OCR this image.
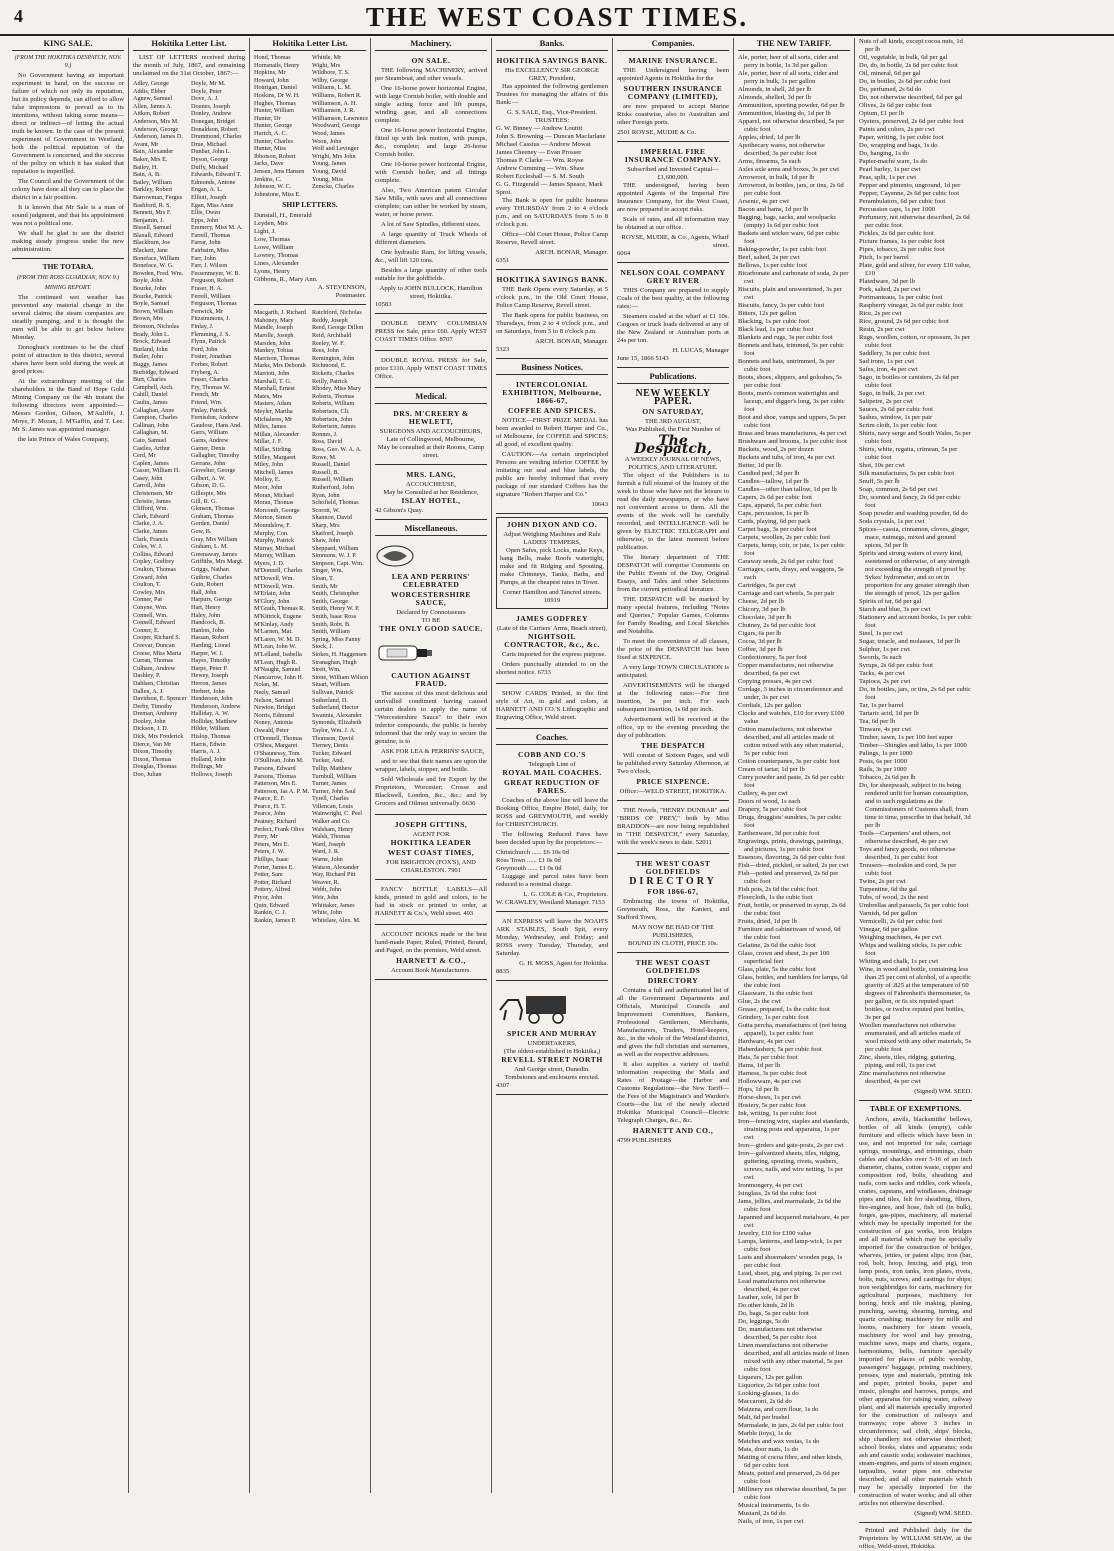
4	THE WEST COAST TIMES.
KING SALE.
(FROM THE HOKITIKA DESPATCH, NOV. 9.)

No Government having an important experiment in hand, on the success or failure of which not only its reputation, but its policy depends, can afford to allow false impressions to prevail as to its intentions, without taking some means—direct or indirect—of letting the actual truth be known. In the case of the present experiment of Government in Westland, both the political reputation of the Government is concerned, and the success of the policy on which it has staked that reputation is imperilled.

The Council and the Government of the colony have done all they can to place the district in a fair position.

It is known that Mr Sale is a man of sound judgment, and that his appointment was not a political one.

We shall be glad to see the district making steady progress under the new administration.

THE TOTARA.
(FROM THE ROSS GUARDIAN, NOV. 9.)
MINING REPORT.

The continued wet weather has prevented any material change in the several claims; the steam companies are steadily pumping, and it is thought the men will be able to get below before Monday.

Donoghue's continues to be the chief point of attraction in this district, several shares have been sold during the week at good prices.

At the extraordinary meeting of the shareholders in the Band of Hope Gold Mining Company on the 4th instant the following directors were appointed:—Messrs Gordon, Gibson, M'Auliffe, J. Moye, F. Moran, J. M'Gaffin, and T. Lee. Mr S. James was appointed manager.

the late Prince of Wales Company,

Hokitika Letter List.

LIST OF LETTERS received during the month of July, 1867, and remaining unclaimed on the 31st October, 1867:—

Adley, George
Addis, Ebber
Agnew, Samuel
Allen, James A.
Aitken, Robert
Anderson, Mrs M.
Anderson, George
Anderson, James D.
Avant, Mr
Bain, Alexander
Baker, Mrs E.
Bailey, H.
Bain, A. B.
Bailey, William
Barkley, Robert
Barrowman, Fergus
Bashford, R. S.
Bennett, Mrs F.
Benjamin, J.
Bissell, Samuel
Blaxall, Edward
Blackburn, Joe
Blackett, Jane
Boneface, William
Boneface, W. G.
Bowden, Fred. Wm.
Boyle, John
Bourke, John
Bourke, Patrick
Boyle, Samuel
Brown, William
Brown, Mrs
Bronson, Nicholas
Brady, John L.
Brock, Edward
Burland, John
Butler, John
Buggy, James
Burbidge, Edward
Burt, Charles
Campbell, Arch.
Cahill, Daniel
Caulin, James
Callaghan, Anne
Campion, Charles
Callinan, John
Callaghan, M.
Cato, Samuel
Castles, Arthur
Cerd, Mr
Caplen, James
Casser, William H.
Casey, John
Carroll, John
Christensen, Mr
Christie, James
Clifford, Wm.
Clark, Edward
Clarke, J. A.
Clarke, James
Clark, Francis
Coles, W. J.
Collins, Edward
Copley, Godfrey
Coulton, Thomas
Coward, John
Coulton, T.
Cowley, Mrs
Conner, Pat
Conyne, Wm.
Connell, Wm.
Connell, Edward
Conner, E.
Cooper, Richard S.
Creevar, Duncan
Creese, Miss Maria
Curran, Thomas
Culham, Andrew
Dashley, P.
Dahlsen, Christian
Dallen, A. J.
Davidson, E. Spencer
Derby, Timothy
Dreman, Anthony
Dooley, John
Dickson, J. D.
Dick, Mrs Frederick
Dierce, Van Mr
Dixon, Timothy
Dixon, Thomas
Douglas, Thomas
Doo, Julian
Doyle, Mr M.
Doyle, Peter
Dove, A. J.
Dounes, Joseph
Donley, Andrew
Donegan, Bridget
Donaldson, Robert
Drummond, Charles
Drue, Michael
Dunbar, John L.
Dyson, George
Duffy, Michael
Edwards, Edward T.
Edmonds, Antone
Engan, A. L.
Elliott, Joseph
Egan, Miss Anne
Ellis, Owen
Epps, John
Emmery, Miss M. A.
Farrell, Thomas
Farrar, John
Fairbairn, Miss
Farr, John
Farr, J. Wilson
Fessenmeyer, W. B.
Ferguson, Robert
Fraser, H. A.
Ferrell, William
Ferguson, Thomas
Fenwick, Mr
Fitzsimmons, J.
Finlay, J.
Flemming, J. S.
Flynn, Patrick
Ford, John
Foster, Jonathan
Forbes, Robert
Fryberg, A.
Fraser, Charles
Fry, Thomas W.
French, Mr
Friend, Wm.
Finlay, Patrick
Fernisdon, Andrew
Gaudose, Hans And.
Garrs, William
Garns, Andrew
Garner, Denis
Gallagher, Timothy
Gerrans, John
Giovelier, George
Gilbert, A. W.
Gibson, D. G.
Gillespie, Mrs
Gill, R. G.
Glenson, Thomas
Graham, Thomas
Gorden, Daniel
Gow, B.
Gray, Mrs William
Graham, L. M.
Greenaway, James
Griffiths, Mrs Margt.
Griggs, Nathan
Guthrie, Charles
Guin, Robert
Hall, John
Harpurs, George
Hart, Henry
Haley, John
Handcock, B.
Hanlon, John
Hassan, Robert
Harding, Lionel
Harper, W. J.
Hayes, Timothy
Harpe, Peter P.
Hewey, Joseph
Herron, James
Herbert, John
Henderson, John
Henderson, Andrew
Halliday, A. W.
Holliday, Matthew
Hilder, William
Hislop, Thomas
Harris, Edwin
Harris, A. J.
Holland, John
Hollings, Mr
Hollows, Joseph
Hokitika Letter List.
Hond, Thomas
Hornsnails, Henry
Hopkins, Mr
Howard, John
Hourigan, Daniel
Hoskins, Dr W. H.
Hughes, Thomas
Hunter, William
Hunter, Dr
Hunter, George
Hurtch, A. C.
Hunter, Charles
Hunter, Miss
Ibbotson, Robert
Jacks, Dave
Jensen, Jens Hansen
Jenkins, C.
Johnson, W. C.
Johnstone, Miss E.
Whittle, Mr
Wight, Mrs
Wildbore, T. S.
Wilby, George
Williams, L. M.
Williams, Robert R.
Williamson, A. H.
Williamson, J. R.
Williamson, Lawrence
Woodward, George
Wood, James
Woon, John
Wolf and Levinger
Wright, Mrs John
Young, James
Young, David
Young, Miss
Zemcke, Charles
SHIP LETTERS.
Dunstall, H., Emerald
Leyden, Mrs
Light, J.
Low, Thomas
Lowe, William
Lowrey, Thomas
Lines, Alexander
Lyons, Henry
Gibbons, R., Mary Ann.
A. STEVENSON,
Postmaster.
Macgarth, J. Richard
Mahoney, Mary
Mandle, Joseph
Marolle, Joseph
Marsden, John
Mankey, Tobias
Marrison, Thomas
Marks, Mrs Deborah
Marriott, John
Marshall, T. G.
Marshall, Ernest
Mates, Mrs
Masters, Adam
Meyler, Martha
Michaleres, Mr
Miles, James
Millan, Alexander
Millar, J. F.
Millar, Stirling
Milley, Margaret
Miley, John
Mitchell, James
Molloy, E.
Moor, John
Moran, Michael
Moran, Thomas
Morcomb, George
Morton, Simon
Moundslow, F.
Murphy, Con.
Murphy, Patrick
Murray, Michael
Murray, William
Myers, J. D.
M'Donnell, Charles
M'Dowell, Wm.
M'Dowell, Wm.
M'Erlain, John
M'Glory, John
M'Grath, Thomas R.
M'Kittrick, Eugene
M'Kinlay, Andy
M'Larnen, Mat.
M'Laren, W. M. D.
M'Lean, John W.
M'Lelland, Isabella
M'Lean, Hugh R.
M'Naught, Samuel
Nancarrow, John H.
Nolan, M.
Neely, Samuel
Nelson, Samuel
Newton, Bridget
Norris, Edmund
Noney, Antonia
Oswald, Peter
O'Donnell, Thomas
O'Shea, Margaret
O'Shaunessy, Tom
O'Sullivan, John M.
Parsons, Edward
Parsons, Thomas
Patterson, Mrs E.
Patterson, Jas A. P. M.
Pearce, E. F.
Pearce, H. T.
Pearce, John
Peatney, Richard
Perfect, Frank Olive
Perry, Mr
Peters, Mrs E.
Peters, J. W.
Phillips, Isaac
Porter, James E.
Potter, Sam
Potter, Richard
Pottery, Alfred
Pryor, John
Quin, Edward
Rankin, C. J.
Rankin, James P.
Ratchford, Nicholas
Reddy, Joseph
Reed, George Dillon
Reid, Archibald
Reeley, W. F.
Rees, John
Remington, John
Richmond, E.
Ricketts, Charles
Reilly, Patrick
Rhodey, Miss Mary
Roberts, Thomas
Roberts, William
Robertson, Cli.
Robertson, John
Robertson, James
Ronnes, J.
Ross, David
Ross, Geo. W. A. A.
Rowe, M.
Russell, Daniel
Russell, B.
Russell, William
Rutherford, John
Ryan, John
Schofield, Thomas
Scorott, W.
Shannon, David
Sharp, Mrs
Shatford, Joseph
Shaw, John
Sheppard, William
Simmons, W. J. P.
Simpson, Capt. Wm.
Singer, Wm.
Sloan, T.
Smith, Mr
Smith, Christopher
Smith, George
Smith, Henry W. P.
Smith, Isaac Ross
Smith, Robt. B.
Smith, William
Spring, Miss Fanny
Stock, J.
Stokes, H. Haggensen
Stranaghan, Hugh
Strett, Wm.
Stone, William Wilson
Stuart, William
Sullivan, Patrick
Sutherland, D.
Sutherland, Hector
Swannie, Alexander
Symonds, Elizabeth
Taylor, Wm. J. A.
Thomson, David
Tierney, Denis
Tucker, Edward
Tucker, And.
Tullip, Matthew
Turnbull, William
Turner, James
Turner, John Saul
Tyrell, Charles
Villencan, Louis
Wainwright, C. Peel
Walker and Co.
Walsham, Henry
Walsh, Thomas
Ward, Joseph
Ward, J. R.
Warne, John
Watson, Alexander
Way, Richard Pitt
Weaver, R.
Webb, John
Weir, John
Whittaker, James
White, John
Whitelaw, Alex. M.
Machinery.
ON SALE.

THE following MACHINERY, arrived per Steamboat, and other vessels.

One 16-horse power horizontal Engine, with large Cornish boiler, with double and single acting force and lift pumps, winding gear, and all connections complete.

One 16-horse power horizontal Engine, fitted up with link motion, with pumps, &c., complete; and large 26-horse Cornish boiler.

One 10-horse power horizontal Engine, with Cornish boiler, and all fittings complete.

Also, Two American patent Circular Saw Mills, with saws and all connections complete; can either be worked by steam, water, or horse power.

A lot of Saw Spindles, different sizes.

A large quantity of Truck Wheels of different diameters.

One hydraulic Ram, for lifting vessels, &c., will lift 120 tons.

Besides a large quantity of other tools suitable for the goldfields.

Apply to JOHN BULLOCK, Hamilton street, Hokitika.
10583

DOUBLE DEMY COLUMBIAN PRESS for Sale, price £60. Apply WEST COAST TIMES Office. 8707

DOUBLE ROYAL PRESS for Sale, price £110. Apply WEST COAST TIMES Office.

Medical.
DRS. M'CREERY & HEWLETT,
SURGEONS AND ACCOUCHEURS,
Late of Collingwood, Melbourne,
May be consulted at their Rooms, Camp street.
MRS. LANG,
ACCOUCHEUSE,
May be Consulted at her Residence,
ISLAY HOTEL,
42 Gibson's Quay.
Miscellaneous.
LEA AND PERRINS' CELEBRATED
WORCESTERSHIRE SAUCE,
Declared by Connoisseurs
TO BE
THE ONLY GOOD SAUCE.
CAUTION AGAINST FRAUD.

The success of this most delicious and unrivalled condiment having caused certain dealers to apply the name of "Worcestershire Sauce" to their own inferior compounds, the public is hereby informed that the only way to secure the genuine, is to

ASK FOR LEA & PERRINS' SAUCE,

and to see that their names are upon the wrapper, labels, stopper, and bottle.

Sold Wholesale and for Export by the Proprietors, Worcester; Crosse and Blackwell, London, &c., &c.; and by Grocers and Oilmen universally. 6636

JOSEPH GITTINS,
AGENT FOR
HOKITIKA LEADER
WEST COAST TIMES,
FOR BRIGHTON (FOX'S), AND CHARLESTON. 7901

FANCY BOTTLE LABELS—All kinds, printed in gold and colors, to be had in stock or printed to order, at HARNETT & Co.'s, Weld street. 493

ACCOUNT BOOKS made or the best hand-made Paper, Ruled, Printed, Bound, and Paged, on the premises, Weld street.

HARNETT & CO.,
Account Book Manufacturers.
Banks.
HOKITIKA SAVINGS BANK.
His EXCELLENCY SIR GEORGE GREY, President,

Has appointed the following gentlemen Trustees for managing the affairs of this Bank:—

G. S. SALE, Esq., Vice-President.
TRUSTEES:
G. W. Binney — Andrew Louttit
John S. Browning — Duncan Macfarlane
Michael Cassius — Andrew Mowat
James Cheeney — Evan Prosser
Thomas P. Clarke — Wm. Royse
Andrew Cumming — Wm. Shaw
Robert Eccleshall — S. M. South
G. G. Fitzgerald — James Speace, Mark Sprot.

The Bank is open for public business every THURSDAY from 2 to 4 o'clock p.m., and on SATURDAYS from 5 to 8 o'clock p.m.

Office—Old Court House, Police Camp Reserve, Revell street.

ARCH. BONAR, Manager.
6351
HOKITIKA SAVINGS BANK.

THE Bank Opens every Saturday, at 5 o'clock p.m., in the Old Court House, Police Camp Reserve, Revell street.

The Bank opens for public business, on Thursdays, from 2 to 4 o'clock p.m., and on Saturdays, from 5 to 8 o'clock p.m.

ARCH. BONAR, Manager.
5323
Business Notices.
INTERCOLONIAL EXHIBITION, Melbourne, 1866-67,
COFFEE AND SPICES.

NOTICE—FIRST PRIZE MEDAL has been awarded to Robert Harper and Co., of Melbourne, for COFFEE and SPICES; all good, of excellent quality.

CAUTION.—As certain unprincipled Persons are vending inferior COFFEE by imitating our seal and blue labels, the public are hereby informed that every package of our standard Coffees has the signature "Robert Harper and Co."

10643
JOHN DIXON AND CO.
Adjust Weighing Machines and Rule LADIES' TEMPERS,

Open Safes, pick Locks, make Keys, hang Bells, make Roofs watertight, make and fit Ridging and Spouting, make Chimneys, Tanks, Baths, and Pumps, at the cheapest rates in Town.

Corner Hamilton and Tancred streets. 10919
JAMES GODFREY
(Late of the Carriers' Arms, Beach street),
NIGHTSOIL CONTRACTOR, &c., &c.

Carts imported for the express purpose.

Orders punctually attended to on the shortest notice. 6733

SHOW CARDS Printed, in the first style of Art, in gold and colors, at HARNETT AND CO.'S Lithographic and Engraving Office, Weld street.

Coaches.
COBB AND CO.'S
Telegraph Line of
ROYAL MAIL COACHES.
GREAT REDUCTION OF FARES.

Coaches of the above line will leave the Booking Office, Empire Hotel, daily, for ROSS and GREYMOUTH, and weekly for CHRISTCHURCH.

The following Reduced Fares have been decided upon by the proprietors:—

Christchurch ...... £6 10s 0d
Ross Town ...... £1 0s 0d
Greymouth ...... £1 0s 0d

Luggage and parcel rates have been reduced to a nominal charge.

L. G. COLE & Co., Proprietors.
W. CRAWLEY, Westland Manager. 7153

AN EXPRESS will leave the NOAH'S ARK STABLES, South Spit, every Monday, Wednesday, and Friday; and ROSS every Tuesday, Thursday, and Saturday.

G. H. MOSS, Agent for Hokitika.
8835
SPICER AND MURRAY
UNDERTAKERS,
(The oldest-established in Hokitika,)
REVELL STREET NORTH
And George street, Dunedin.
Tombstones and enclosures erected.
4307
Companies.
MARINE INSURANCE.

THE Undersigned having been appointed Agents in Hokitika for the

SOUTHERN INSURANCE COMPANY (LIMITED),

are now prepared to accept Marine Risks coastwise, also to Australian and other Foreign ports.

2501 ROYSE, MUDIE & Co.
IMPERIAL FIRE INSURANCE COMPANY.
Subscribed and Invested Capital—£1,600,000.

THE undersigned, having been appointed Agents of the Imperial Fire Insurance Company, for the West Coast, are now prepared to accept risks.

Scale of rates, and all information may be obtained at our office.

ROYSE, MUDIE, & Co., Agents, Wharf street.
6064
NELSON COAL COMPANY GREY RIVER

THIS Company are prepared to supply Coals of the best quality, at the following rates:—

Steamers coaled at the wharf at £1 10s. Cargoes or truck loads delivered at any of the New Zealand or Australian ports at 24s per ton.

H. LUCAS, Manager
June 15, 1866 5143
Publications.
NEW WEEKLY PAPER.
ON SATURDAY,
THE 3RD AUGUST,
Was Published, the First Number of
The Despatch,
A WEEKLY JOURNAL OF NEWS, POLITICS, AND LITERATURE.

The object of the Publishers is to furnish a full résumé of the history of the week to those who have not the leisure to read the daily newspapers, or who have not convenient access to them. All the events of the week will be carefully recorded, and INTELLIGENCE will be given by ELECTRIC TELEGRAPH and otherwise, to the latest moment before publication.

The literary department of THE DESPATCH will comprise Comments on the Public Events of the Day, Original Essays, and Tales and other Selections from the current periodical literature.

THE DESPATCH will be marked by many special features, including "Notes and Queries," Popular Games, Columns for Family Reading, and Local Sketches and Notabilia.

To meet the convenience of all classes, the price of the DESPATCH has been fixed at SIXPENCE.

A very large TOWN CIRCULATION is anticipated.

ADVERTISEMENTS will be charged at the following rates:—For first insertion, 3s per inch. For each subsequent insertion, 1s 6d per inch.

Advertisement will be received at the office, up to the evening preceding the day of publication.

THE DESPATCH

Will consist of Sixteen Pages, and will be published every Saturday Afternoon, at Two o'clock,

PRICE SIXPENCE.
Office:—WELD STREET, HOKITIKA.

THE Novels, "HENRY DUNBAR" and "BIRDS OF PREY," both by Miss BRADDON—are now being republished in "THE DESPATCH," every Saturday, with the week's news to date. 52011

THE WEST COAST GOLDFIELDS
DIRECTORY
FOR 1866-67,

Embracing the towns of Hokitika, Greymouth, Ross, the Kanieri, and Stafford Town,

MAY NOW BE HAD OF THE PUBLISHERS,
BOUND IN CLOTH, PRICE 10s.
THE WEST COAST GOLDFIELDS
DIRECTORY

Contains a full and authenticated list of all the Government Departments and Officials, Municipal Councils and Improvement Committees, Bankers, Professional Gentlemen, Merchants, Manufacturers, Traders, Hotel-keepers, &c., in the whole of the Westland district, and gives the full christian and surnames, as well as the respective addresses.

It also supplies a variety of useful information respecting the Mails and Rates of Postage—the Harbor and Customs Regulations—the New Tariff—the Fees of the Magistrate's and Warden's Courts—the list of the newly elected Hokitika Municipal Council—Electric Telegraph Charges, &c., &c.

HARNETT AND CO.,
4799 PUBLISHERS
THE NEW TARIFF.
Ale, porter, beer of all sorts, cider and perry in bottle, 1s 3d per gallon
Ale, porter, beer of all sorts, cider and perry in bulk, 1s per gallon
Almonds, in shell, 2d per lb
Almonds, shelled, 3d per lb
Ammunition, sporting powder, 6d per lb
Ammunition, blasting do, 1d per lb
Apparel, not otherwise described, 5s per cubic foot
Apples, dried, 1d per lb
Apothecary wares, not otherwise described, 3s per cubic foot
Arms, firearms, 5s each
Axles axle arms and boxes, 3s per cwt
Arrowroot, in bulk, 1d per lb
Arrowroot, in bottles, jars, or tins, 2s 6d per cubic foot
Arsenic, 4s per cwt
Bacon and hams, 1d per lb
Bagging, bags, sacks, and woolpacks (empty) 1s 6d per cubic foot
Baskets and wicker ware, 6d per cubic foot
Baking-powder, 1s per cubic foot
Beef, salted, 2s per cwt
Bellows, 1s per cubic foot
Bicarbonate and carbonate of soda, 2s per cwt
Biscuits, plain and unsweetened, 3s per cwt
Biscuits, fancy, 3s per cubic foot
Bitters, 12s per gallon
Blacking, 1s per cubic foot
Black lead, 1s per cubic foot
Blankets and rugs, 3s per cubic foot
Bonnets and hats, trimmed, 5s per cubic foot
Bonnets and hats, untrimmed, 3s per cubic foot
Boots, shoes, slippers, and goloshes, 5s per cubic foot
Boots, men's common watertights and laceup, and digger's long, 3s per cubic foot
Boot and shoe, vamps and uppers, 5s per cubic foot
Brass and brass manufactures, 4s per cwt
Brushware and brooms, 1s per cubic foot
Buckets, wood, 2s per dozen
Buckets and tubs, of iron, 4s per cwt
Butter, 1d per lb
Candied peel, 3d per lb
Candles—tallow, 1d per lb
Candles—other than tallow, 1d per lb
Capers, 2s 6d per cubic foot
Caps, apparel, 5s per cubic foot
Caps, percussion, 1s per lb
Cards, playing, 6d per pack
Carpet bags, 3s per cubic foot
Carpets, woollen, 2s per cubic foot
Carpets, hemp, coir, or jute, 1s per cubic foot
Caraway seeds, 2s 6d per cubic foot
Carriages, carts, drays, and waggons, 5s each
Cartridges, 5s per cwt
Carriage and cart wheels, 5s per pair
Cheese, 2d per lb
Chicory, 3d per lb
Chocolate, 3d per lb
Chutney, 2s 6d per cubic foot
Cigars, 6s per lb
Cocoa, 3d per lb
Coffee, 3d per lb
Confectionery, 5s per foot
Copper manufactures, not otherwise described, 6s per cwt
Copying presses, 4s per cwt
Cordage, 3 inches in circumference and under, 3s per cwt
Cordials, 12s per gallon
Clocks and watches, £10 for every £100 value
Cotton manufactures, not otherwise described, and all articles made of cotton mixed with any other material, 5s per cubic foot
Cotton counterpanes, 3s per cubic foot
Cream of tartar, 1d per lb
Curry powder and paste, 2s 6d per cubic foot
Cutlery, 4s per cwt
Doors of wood, 1s each
Drapery, 5s per cubic foot
Drugs, druggists' sundries, 3s per cubic foot
Earthenware, 3d per cubic foot
Engravings, prints, drawings, paintings, and pictures, 1s per cubic foot
Essences, flavoring, 2s 6d per cubic foot
Fish—dried, pickled, or salted, 2s per cwt
Fish—potted and preserved, 2s 6d per cubic foot
Fish pots, 2s 6d the cubic foot
Floorcloth, 1s the cubic foot
Fruit, bottle, or preserved in syrup, 2s 6d the cubic foot
Fruits, dried, 1d per lb
Furniture and cabinetware of wood, 6d the cubic foot
Gelatine, 2s 6d the cubic foot
Glass, crown and sheet, 2s per 100 superficial feet
Glass, plate, 5s the cubic foot
Glass, bottles, and tumblers for lamps, 6d the cubic foot
Glassware, 1s the cubic foot
Glue, 2s the cwt
Grease, prepared, 1s the cubic foot
Grindery, 1s per cubic foot
Gutta percha, manufactures of (not being apparel), 1s per cubic foot
Hardware, 4s per cwt
Haberdashery, 5s per cubic foot
Hats, 5s per cubic foot
Hams, 1d per lb
Harness, 3s per cubic foot
Hollowware, 4s per cwt
Hops, 1d per lb
Horse-shoes, 1s per cwt
Hosiery, 5s per cubic foot
Ink, writing, 1s per cubic foot
Iron—fencing wire, staples and standards, straining posts and apparatus, 1s per cwt
Iron—girders and gate-posts, 2s per cwt
Iron—galvanized sheets, tiles, ridging, guttering, spouting, rivets, washers, screws, nails, and wire netting, 1s per cwt
Ironmongery, 4s per cwt
Isinglass, 2s 6d the cubic foot
Jams, jellies, and marmalade, 2s 6d the cubic foot
Japanned and lacquered metalware, 4s per cwt
Jewelry, £10 for £100 value
Lamps, lanterns, and lamp-wick, 1s per cubic foot
Lasts and shoemakers' wooden pegs, 1s per cubic foot
Lead, sheet, pig, and piping, 1s per cwt
Lead manufactures not otherwise described, 4s per cwt
Leather, sole, 1d per lb
Do other kinds, 2d lb
Do, bags, 5s per cubic foot
Do, leggings, 5s do
Do, manufactures not otherwise described, 5s per cubic foot
Linen manufactures not otherwise described, and all articles made of linen mixed with any other material, 5s per cubic foot
Liqueurs, 12s per gallon
Liquorice, 2s 6d per cubic foot
Looking-glasses, 1s do
Maccaroni, 2s 6d do
Maizena, and corn flour, 1s do
Malt, 6d per bushel
Marmalade, in jars, 2s 6d per cubic foot
Marble (toys), 1s do
Matches and wax vestas, 1s do
Mats, door mats, 1s do
Matting of cocoa fibre, and other kinds, 6d per cubic foot
Meats, potted and preserved, 2s 6d per cubic foot
Millinery not otherwise described, 5s per cubic foot
Musical instruments, 1s do
Mustard, 2s 6d do
Nails, of iron, 1s per cwt
Nuts of all kinds, except cocoa nuts, 1d per lb
Oil, vegetable, in bulk, 6d per gal
Do, do, in bottle, 2s 6d per cubic foot
Oil, mineral, 6d per gal
Do, in bottles, 2s 6d per cubic foot
Do, perfumed, 2s 6d do
Do, not otherwise described, 6d per gal
Olives, 2s 6d per cubic foot
Opium, £1 per lb
Oysters, preserved, 2s 6d per cubic foot
Paints and colors, 2s per cwt
Paper, writing, 1s per cubic foot
Do, wrapping and bags, 1s do
Do, hanging, 1s do
Papier-maché ware, 1s do
Pearl barley, 1s per cwt
Peas, split, 1s per cwt
Pepper and pimento, unground, 1d per
Pepper, Cayenne, 2s 6d per cubic foot
Perambulators, 6d per cubic foot
Percussion caps, 1s per 1000
Perfumery, not otherwise described, 2s 6d per cubic foot
Pickles, 2s 6d per cubic foot
Picture frames, 1s per cubic foot
Pipes, tobacco, 2s per cubic foot
Pitch, 1s per barrel
Plate, gold and silver, for every £10 value, £10
Platedware, 3d per lb
Pork, salted, 2s per cwt
Portmanteaus, 1s per cubic foot
Raspberry vinegar, 2s 6d per cubic foot
Rice, 2s per cwt
Rice, ground, 2s 6d per cubic foot
Resin, 2s per cwt
Rugs, woollen, cotton, or opossum, 3s per cubic foot
Saddlery, 3s per cubic foot
Sad irons, 1s per cwt
Safes, iron, 4s per cwt
Sago, in bottles or canisters, 2s 6d per cubic foot
Sago, in bulk, 2s per cwt
Saltpetre, 2s per cwt
Sauces, 2s 6d per cubic foot
Sashes, window, 1s per pair
Scrim cloth, 1s per cubic foot
Shirts, navy serge and South Wales, 5s per cubic foot
Shirts, white, regatta, crimean, 5s per cubic foot
Shot, 10s per cwt
Silk manufactures, 5s per cubic foot
Snuff, 5s per lb
Soap, common, 2s 6d per cwt
Do, scented and fancy, 2s 6d per cubic foot
Soap powder and washing powder, 6d do
Soda crystals, 1s per cwt
Spices—cassia, cinnamon, cloves, ginger, mace, nutmegs, mixed and ground spices, 3d per lb
Spirits and strong waters of every kind, sweetened or otherwise, of any strength not exceeding the strength of proof by Sykes' hydrometer, and so on in proportion for any greater strength than the strength of proof, 12s per gallon
Spirits of tar, 6d per gal
Starch and blue, 3s per cwt
Stationery and account books, 1s per cubic foot
Steel, 1s per cwt
Sugar, treacle, and molasses, 1d per lb
Sulphur, 1s per cwt
Swords, 5s each
Syrups, 2s 6d per cubic foot
Tacks, 4s per cwt
Tapioca, 2s per cwt
Do, in bottles, jars, or tins, 2s 6d per cubic foot
Tar, 1s per barrel
Tartaric acid, 1d per lb
Tea, 6d per lb
Tinware, 4s per cwt
Timber, sawn, 1s per 100 feet super
Timber—Shingles and laths, 1s per 1000
Palings, 1s per 1000
Posts, 6s per 1000
Rails, 3s per 1000
Tobacco, 2s 6d per lb
Do, for sheepwash, subject to its being rendered unfit for human consumption, and to such regulations as the Commissioners of Customs shall, from time to time, prescribe in that behalf, 3d per lb
Tools—Carpenters' and others, not otherwise described, 4s per cwt
Toys and fancy goods, not otherwise described, 1s per cubic foot
Trousers—moleskin and cord, 3s per cubic foot
Twine, 2s per cwt
Turpentine, 6d the gal
Tubs, of wood, 2s the nest
Umbrellas and parasols, 5s per cubic foot
Varnish, 6d per gallon
Vermicelli, 2s 6d per cubic foot
Vinegar, 6d per gallon
Weighing machines, 4s per cwt
Whips and walking sticks, 1s per cubic foot
Whiting and chalk, 1s per cwt
Wine, in wood and bottle, containing less than 25 per cent of alcohol, of a specific gravity of .825 at the temperature of 60 degrees of Fahrenheit's thermometer, 6s per gallon, or 6s six reputed quart bottles, or twelve reputed pint bottles, 3s per gal
Woollen manufactures not otherwise enumerated, and all articles made of wool mixed with any other materials, 5s per cubic foot
Zinc, sheets, tiles, ridging, guttering, piping, and roll, 1s per cwt
Zinc manufactures not otherwise described, 4s per cwt
(Signed) WM. SEED.
TABLE OF EXEMPTIONS.

Anchors, anvils, blacksmiths' bellows, bottles of all kinds (empty), cable furniture and effects which have been in use, and not imported for sale, carriage springs, mountings, and trimmings, chain cables and shackles over 5-16 of an inch diameter, chains, cotton waste, copper and composition rod, bolts, sheathing and nails, corn sacks and riddles, cork wheels, cranes, capstans, and windlasses, drainage pipes and tiles, felt for sheathing, filters, fire-engines, and hose, fish oil (in bulk), forges, gas-pipes, machinery, all material which may be specially imported for the construction of gas works, iron bridges and all material which may be specially imported for the construction of bridges, wharves, jetties, or patent slips; iron (bar, rod, bolt, hoop, fencing, and pig), iron lamp posts, iron tanks, iron plates, rivets, bolts, nuts, screws, and castings for ships; iron weighbridges for carts, machinery for agricultural purposes, machinery for boring, brick and tile making, planing, punching, sawing, shearing, turning, and quartz crushing; machinery for mills and looms, machinery for steam vessels, machinery for wool and hay pressing, machine saws, maps and charts, organs, harmoniums, bells, furniture specially imported for places of public worship, passengers' baggage, printing machinery, presses, type and materials, printing ink and paper, printed books, paper and music, ploughs and harrows, pumps, and other apparatus for raising water, railway plant, and all materials specially imported for the construction of railways and tramways; rope above 3 inches in circumference; sail cloth, ships' blocks, ship chandlery not otherwise described; school books, slates and apparatus; soda ash and caustic soda; sodawater machines, steam-engines, and parts of steam engines; tarpaulins, water pipes not otherwise described; and all other materials which may be specially imported for the construction of water works; and all other articles not otherwise described.

(Signed) WM. SEED.

Printed and Published daily for the Proprietors by WILLIAM SHAW, at the office, Weld-street, Hokitika.
